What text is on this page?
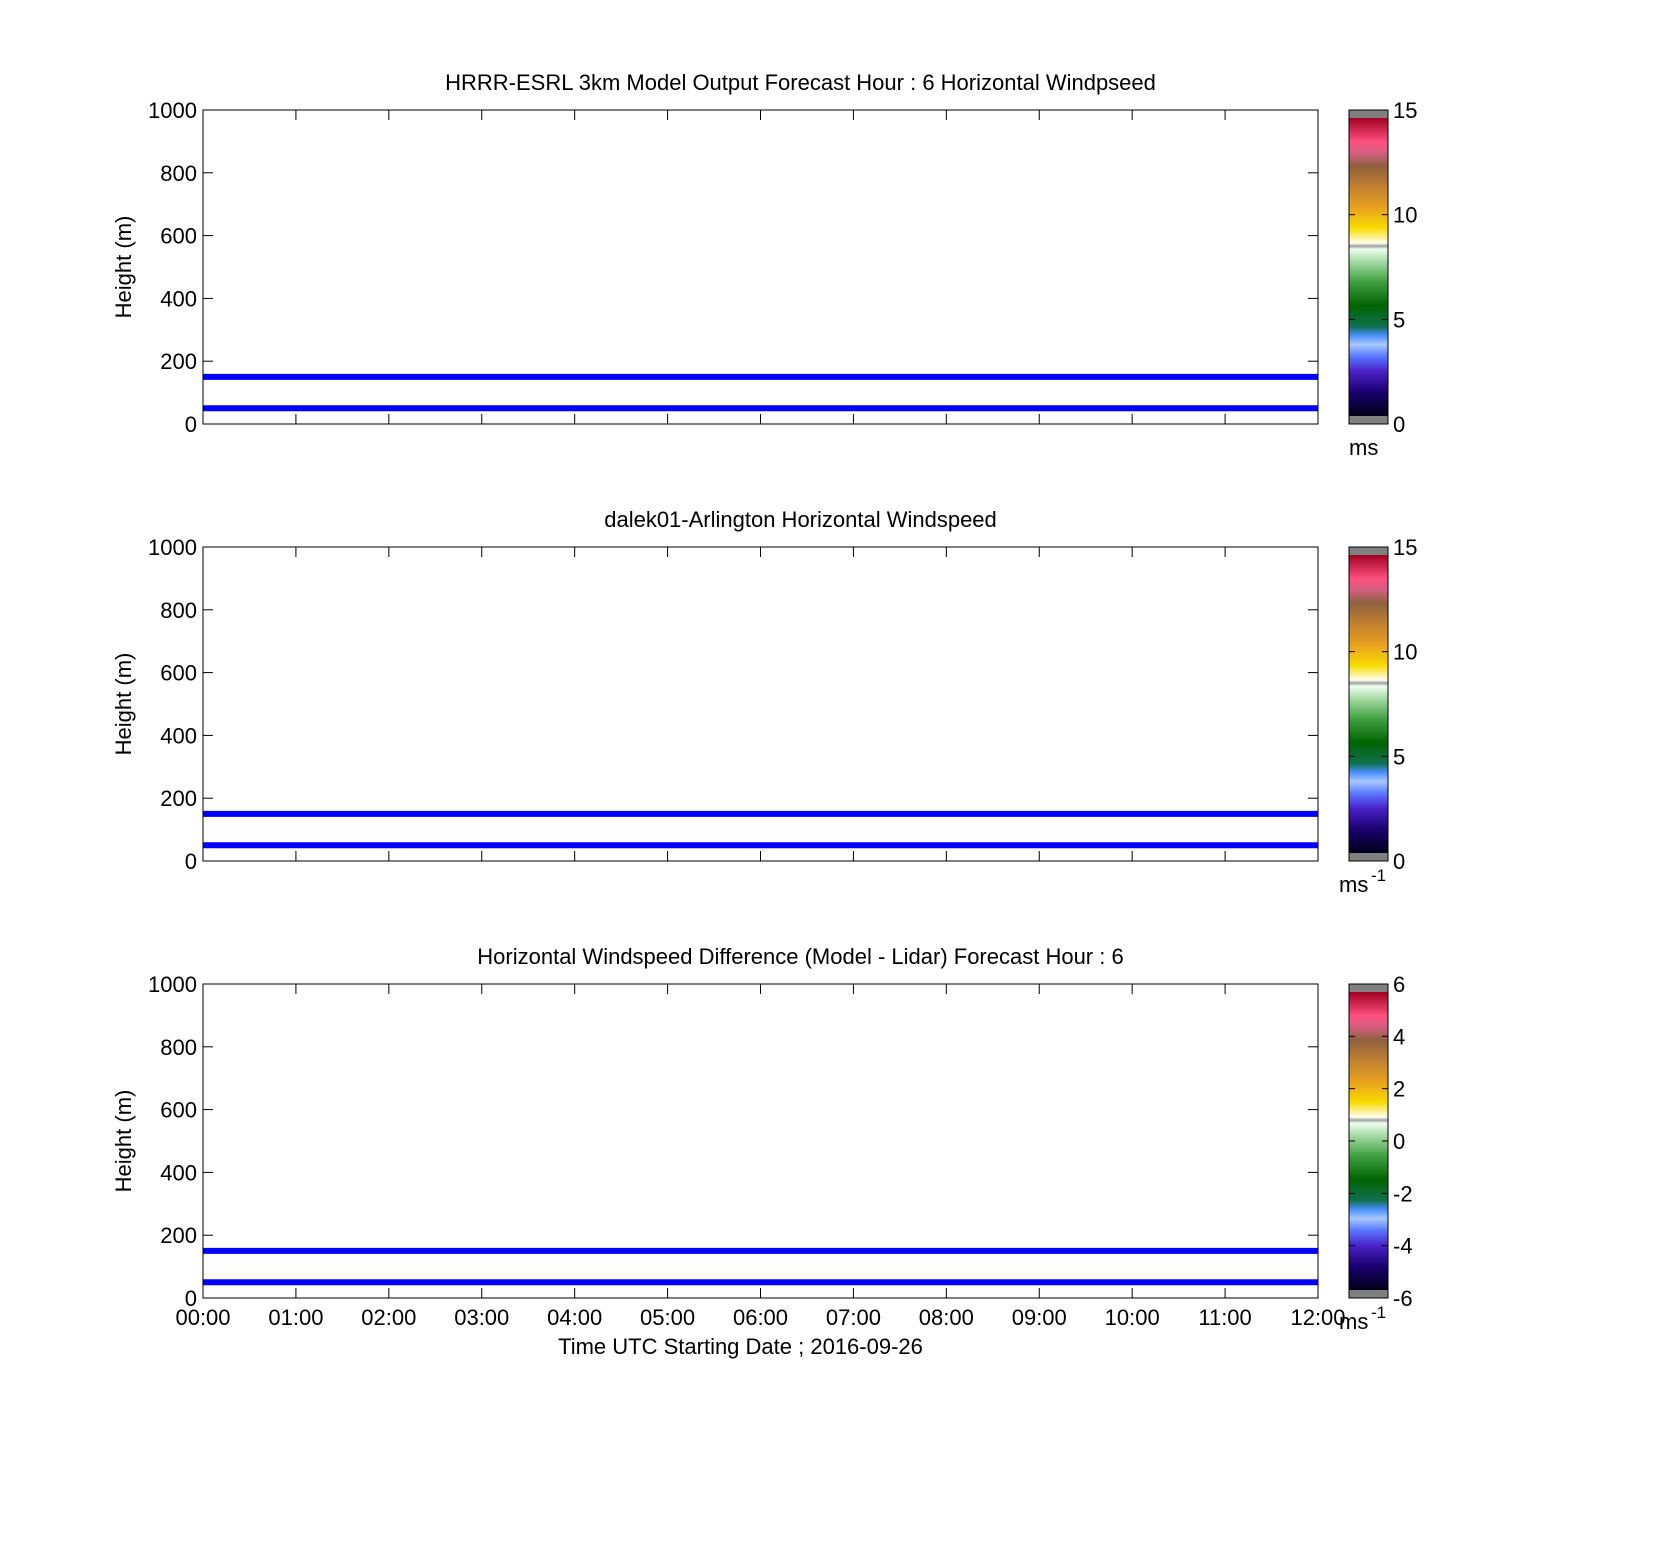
HRRR-ESRL 3km Model Output Forecast Hour : 6 Horizontal Windpseed
Height (m)
0
200
400
600
800
1000
0
5
10
15
ms
dalek01-Arlington Horizontal Windspeed
Height (m)
0
200
400
600
800
1000
0
5
10
15
ms -1
Horizontal Windspeed Difference (Model - Lidar) Forecast Hour : 6
Height (m)
0
200
400
600
800
1000
00:00 01:00 02:00 03:00 04:00 05:00 06:00 07:00 08:00 09:00 10:00 11:00 12:00
Time UTC Starting Date ; 2016-09-26
-6
-4
-2
0
2
4
6
ms -1
